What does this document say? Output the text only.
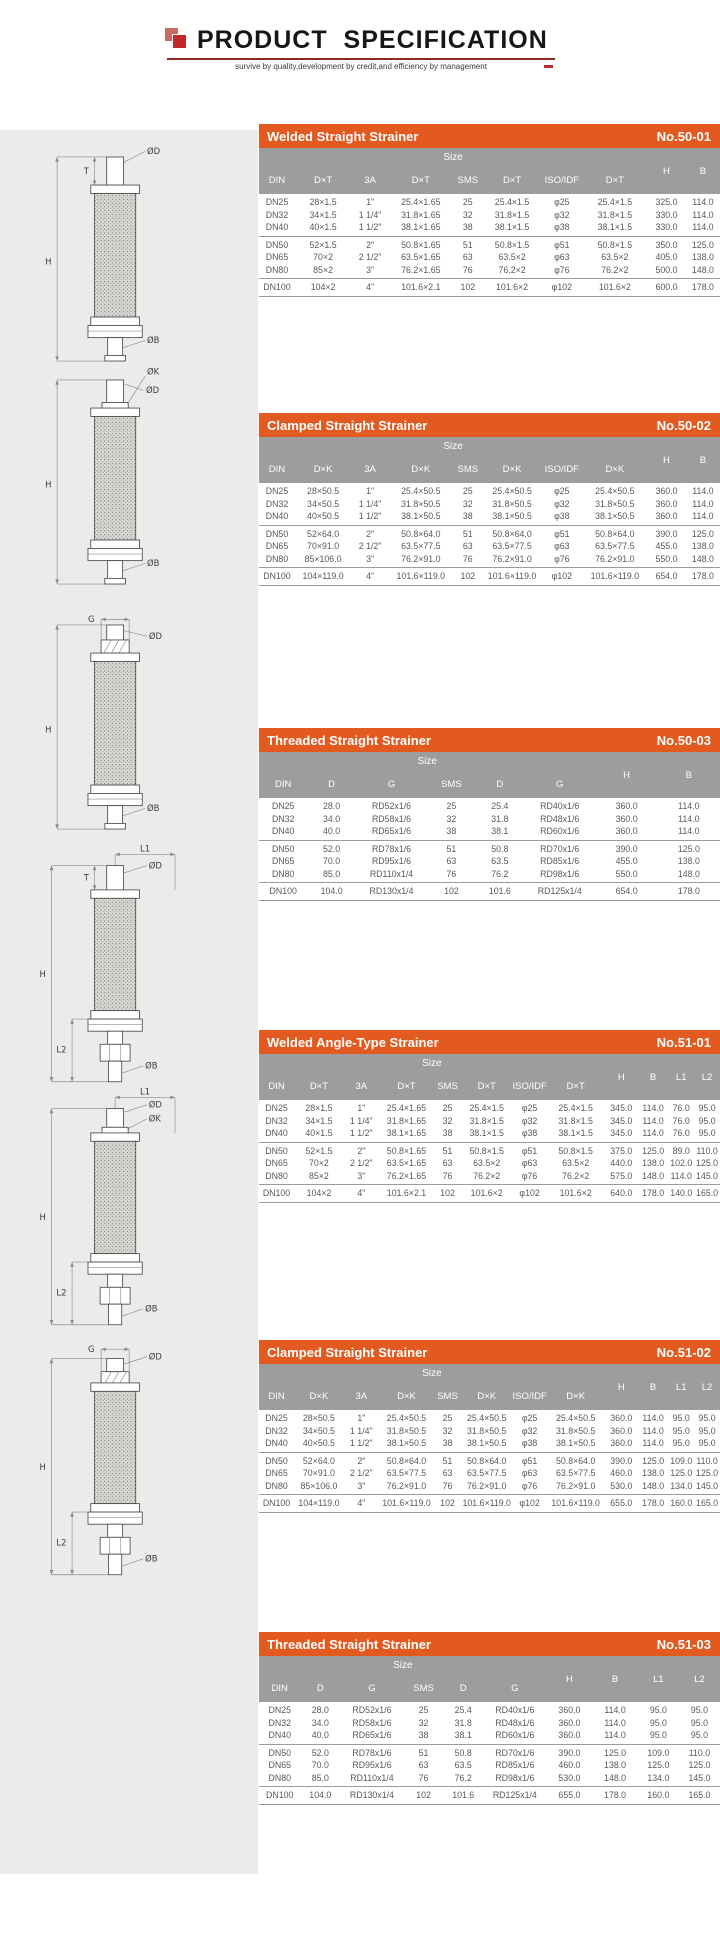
PRODUCT SPECIFICATION
survive by quality,development by credit,and efficiency by management
H
T
ØD
ØB
H
ØK
ØD
ØB
H
G
ØD
ØB
H
L1
T
ØD
ØB
L2
H
L1
ØK
ØD
ØB
L2
H
G
ØD
ØB
L2
Welded Straight Strainer	No.50-01
Size								H	B
DIN	D×T	3A	D×T	SMS	D×T	ISO/IDF	D×T		
DN25	28×1.5	1"	25.4×1.65	25	25.4×1.5	φ25	25.4×1.5	325.0	114.0
DN32	34×1.5	1 1/4"	31.8×1.65	32	31.8×1.5	φ32	31.8×1.5	330.0	114.0
DN40	40×1.5	1 1/2"	38.1×1.65	38	38.1×1.5	φ38	38.1×1.5	330.0	114.0
DN50	52×1.5	2"	50.8×1.65	51	50.8×1.5	φ51	50.8×1.5	350.0	125.0
DN65	70×2	2 1/2"	63.5×1.65	63	63.5×2	φ63	63.5×2	405.0	138.0
DN80	85×2	3"	76.2×1.65	76	76.2×2	φ76	76.2×2	500.0	148.0
DN100	104×2	4"	101.6×2.1	102	101.6×2	φ102	101.6×2	600.0	178.0
Clamped Straight Strainer	No.50-02
Size								H	B
DIN	D×K	3A	D×K	SMS	D×K	ISO/IDF	D×K		
DN25	28×50.5	1"	25.4×50.5	25	25.4×50.5	φ25	25.4×50.5	360.0	114.0
DN32	34×50.5	1 1/4"	31.8×50.5	32	31.8×50.5	φ32	31.8×50.5	360.0	114.0
DN40	40×50.5	1 1/2"	38.1×50.5	38	38.1×50.5	φ38	38.1×50.5	360.0	114.0
DN50	52×64.0	2"	50.8×64.0	51	50.8×64.0	φ51	50.8×64.0	390.0	125.0
DN65	70×91.0	2 1/2"	63.5×77.5	63	63.5×77.5	φ63	63.5×77.5	455.0	138.0
DN80	85×106.0	3"	76.2×91.0	76	76.2×91.0	φ76	76.2×91.0	550.0	148.0
DN100	104×119.0	4"	101.6×119.0	102	101.6×119.0	φ102	101.6×119.0	654.0	178.0
Threaded Straight Strainer	No.50-03
Size						H	B
DIN	D	G	SMS	D	G		
DN25	28.0	RD52x1/6	25	25.4	RD40x1/6	360.0	114.0
DN32	34.0	RD58x1/6	32	31.8	RD48x1/6	360.0	114.0
DN40	40.0	RD65x1/6	38	38.1	RD60x1/6	360.0	114.0
DN50	52.0	RD78x1/6	51	50.8	RD70x1/6	390.0	125.0
DN65	70.0	RD95x1/6	63	63.5	RD85x1/6	455.0	138.0
DN80	85.0	RD110x1/4	76	76.2	RD98x1/6	550.0	148.0
DN100	104.0	RD130x1/4	102	101.6	RD125x1/4	654.0	178.0
Welded Angle-Type Strainer	No.51-01
Size								H	B	L1	L2
DIN	D×T	3A	D×T	SMS	D×T	ISO/IDF	D×T				
DN25	28×1.5	1"	25.4×1.65	25	25.4×1.5	φ25	25.4×1.5	345.0	114.0	76.0	95.0
DN32	34×1.5	1 1/4"	31.8×1.65	32	31.8×1.5	φ32	31.8×1.5	345.0	114.0	76.0	95.0
DN40	40×1.5	1 1/2"	38.1×1.65	38	38.1×1.5	φ38	38.1×1.5	345.0	114.0	76.0	95.0
DN50	52×1.5	2"	50.8×1.65	51	50.8×1.5	φ51	50.8×1.5	375.0	125.0	89.0	110.0
DN65	70×2	2 1/2"	63.5×1.65	63	63.5×2	φ63	63.5×2	440.0	138.0	102.0	125.0
DN80	85×2	3"	76.2×1.65	76	76.2×2	φ76	76.2×2	575.0	148.0	114.0	145.0
DN100	104×2	4"	101.6×2.1	102	101.6×2	φ102	101.6×2	640.0	178.0	140.0	165.0
Clamped Straight Strainer	No.51-02
Size								H	B	L1	L2
DIN	D×K	3A	D×K	SMS	D×K	ISO/IDF	D×K				
DN25	28×50.5	1"	25.4×50.5	25	25.4×50.5	φ25	25.4×50.5	360.0	114.0	95.0	95.0
DN32	34×50.5	1 1/4"	31.8×50.5	32	31.8×50.5	φ32	31.8×50.5	360.0	114.0	95.0	95.0
DN40	40×50.5	1 1/2"	38.1×50.5	38	38.1×50.5	φ38	38.1×50.5	360.0	114.0	95.0	95.0
DN50	52×64.0	2"	50.8×64.0	51	50.8×64.0	φ51	50.8×64.0	390.0	125.0	109.0	110.0
DN65	70×91.0	2 1/2"	63.5×77.5	63	63.5×77.5	φ63	63.5×77.5	460.0	138.0	125.0	125.0
DN80	85×106.0	3"	76.2×91.0	76	76.2×91.0	φ76	76.2×91.0	530.0	148.0	134.0	145.0
DN100	104×119.0	4"	101.6×119.0	102	101.6×119.0	φ102	101.6×119.0	655.0	178.0	160.0	165.0
Threaded Straight Strainer	No.51-03
Size						H	B	L1	L2
DIN	D	G	SMS	D	G				
DN25	28.0	RD52x1/6	25	25.4	RD40x1/6	360.0	114.0	95.0	95.0
DN32	34.0	RD58x1/6	32	31.8	RD48x1/6	360.0	114.0	95.0	95.0
DN40	40.0	RD65x1/6	38	38.1	RD60x1/6	360.0	114.0	95.0	95.0
DN50	52.0	RD78x1/6	51	50.8	RD70x1/6	390.0	125.0	109.0	110.0
DN65	70.0	RD95x1/6	63	63.5	RD85x1/6	460.0	138.0	125.0	125.0
DN80	85.0	RD110x1/4	76	76.2	RD98x1/6	530.0	148.0	134.0	145.0
DN100	104.0	RD130x1/4	102	101.6	RD125x1/4	655.0	178.0	160.0	165.0
